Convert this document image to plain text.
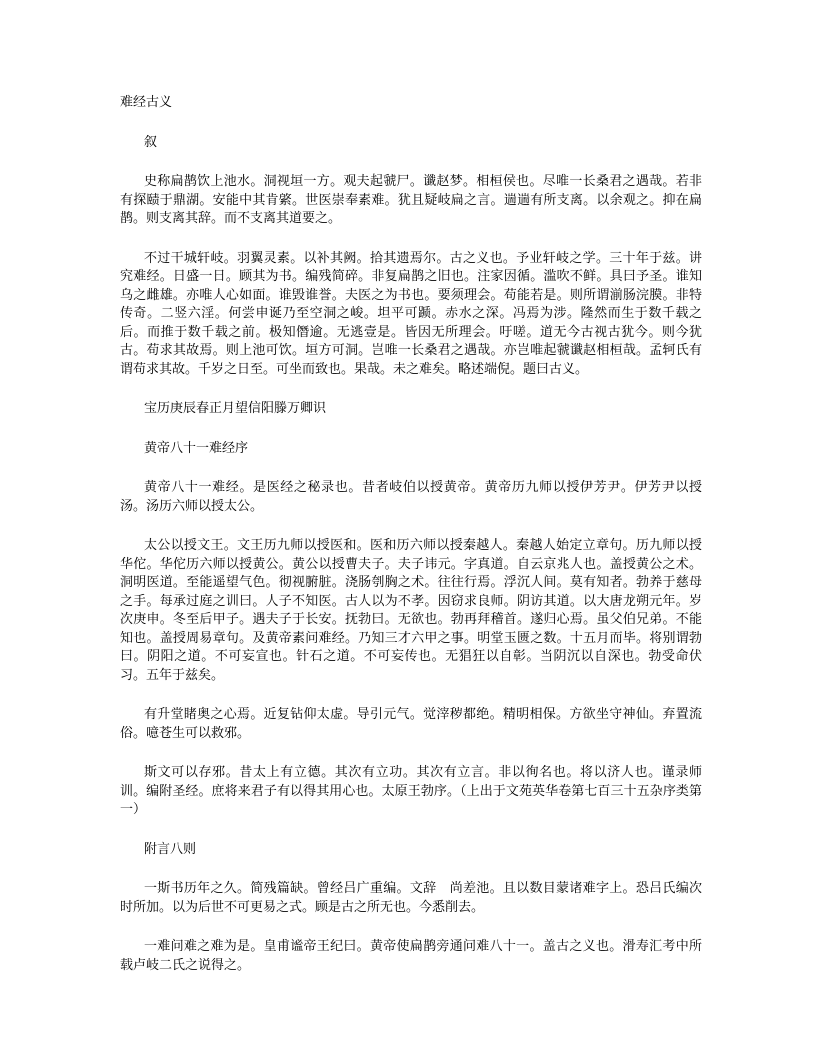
难经古义

叙

史称扁鹊饮上池水。洞视垣一方。观夫起虢尸。谶赵梦。相桓侯也。尽唯一长桑君之遇哉。若非有探赜于鼎湖。安能中其肯綮。世医崇奉素难。犹且疑岐扁之言。遄遄有所支离。以余观之。抑在扁鹊。则支离其辞。而不支离其道要之。

不过干城轩岐。羽翼灵素。以补其阙。拾其遗焉尔。古之义也。予业轩岐之学。三十年于兹。讲究难经。日盛一日。顾其为书。编残简碎。非复扁鹊之旧也。注家因循。滥吹不鲜。具曰予圣。谁知乌之雌雄。亦唯人心如面。谁毁谁誉。夫医之为书也。要须理会。苟能若是。则所谓湔肠浣膜。非特传奇。二竖六淫。何尝申诞乃至空洞之峻。坦平可踬。赤水之深。冯焉为涉。隆然而生于数千载之后。而推于数千载之前。极知僭逾。无逃壹是。皆因无所理会。吁嗟。道无今古视古犹今。则今犹古。苟求其故焉。则上池可饮。垣方可洞。岂唯一长桑君之遇哉。亦岂唯起虢谶赵相桓哉。孟轲氏有谓苟求其故。千岁之日至。可坐而致也。果哉。未之难矣。略述端倪。题曰古义。

宝历庚辰春正月望信阳滕万卿识

黄帝八十一难经序

黄帝八十一难经。是医经之秘录也。昔者岐伯以授黄帝。黄帝历九师以授伊芳尹。伊芳尹以授汤。汤历六师以授太公。

太公以授文王。文王历九师以授医和。医和历六师以授秦越人。秦越人始定立章句。历九师以授华佗。华佗历六师以授黄公。黄公以授曹夫子。夫子讳元。字真道。自云京兆人也。盖授黄公之术。洞明医道。至能遥望气色。彻视腑脏。浇肠刳胸之术。往往行焉。浮沉人间。莫有知者。勃养于慈母之手。每承过庭之训曰。人子不知医。古人以为不孝。因窃求良师。阴访其道。以大唐龙朔元年。岁次庚申。冬至后甲子。遇夫子于长安。抚勃曰。无欲也。勃再拜稽首。遂归心焉。虽父伯兄弟。不能知也。盖授周易章句。及黄帝素问难经。乃知三才六甲之事。明堂玉匮之数。十五月而毕。将别谓勃曰。阴阳之道。不可妄宣也。针石之道。不可妄传也。无猖狂以自彰。当阴沉以自深也。勃受命伏习。五年于兹矣。

有升堂睹奥之心焉。近复钻仰太虚。导引元气。觉滓秽都绝。精明相保。方欲坐守神仙。弃置流俗。噫苍生可以救邪。

斯文可以存邪。昔太上有立德。其次有立功。其次有立言。非以徇名也。将以济人也。谨录师训。编附圣经。庶将来君子有以得其用心也。太原王勃序。（上出于文苑英华卷第七百三十五杂序类第一）

附言八则

一斯书历年之久。简残篇缺。曾经吕广重编。文辞　尚差池。且以数目蒙诸难字上。恐吕氏编次时所加。以为后世不可更易之式。顾是古之所无也。今悉削去。

一难问难之难为是。皇甫谧帝王纪曰。黄帝使扁鹊旁通问难八十一。盖古之义也。滑寿汇考中所载卢岐二氏之说得之。
